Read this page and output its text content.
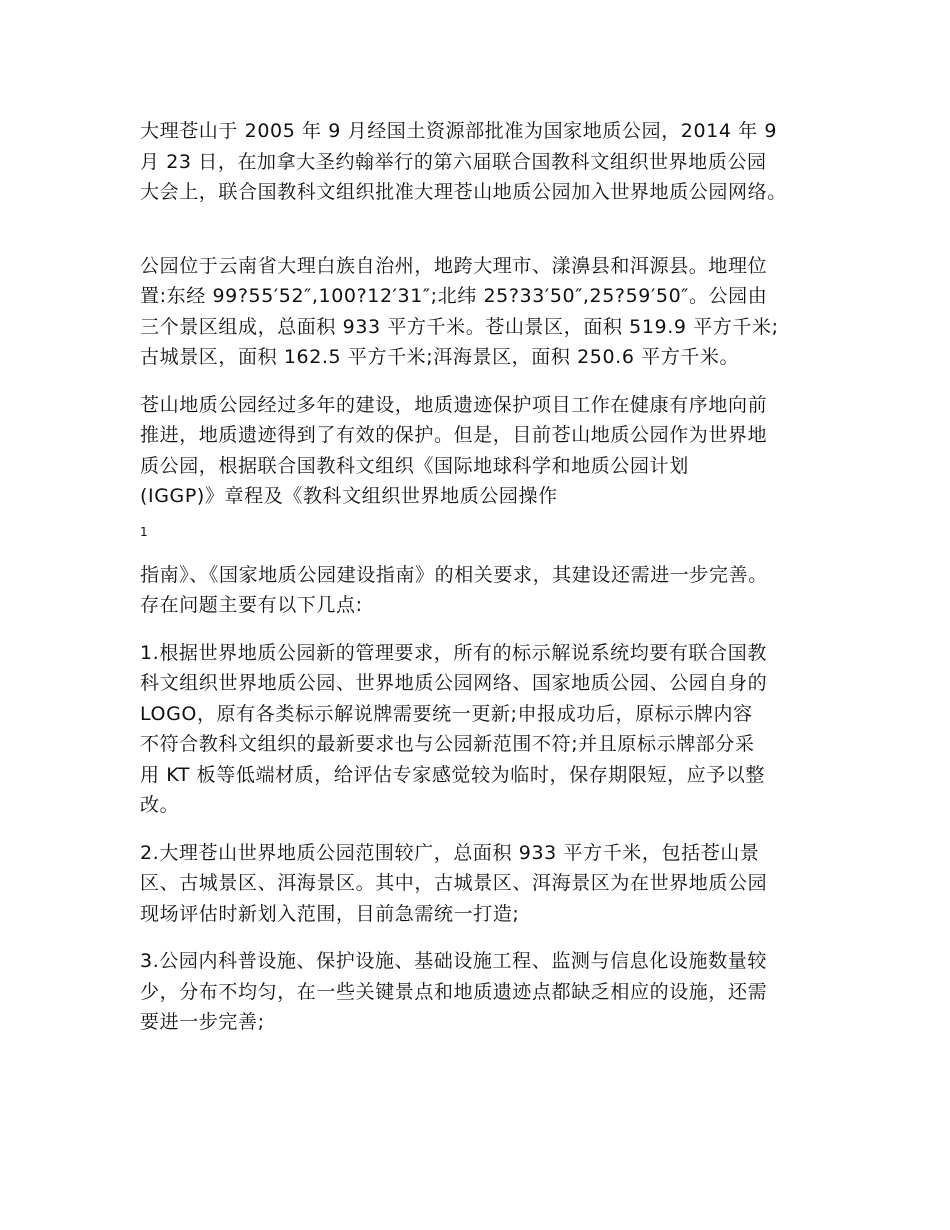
大理苍山于 2005 年 9 月经国土资源部批准为国家地质公园，2014 年 9
月 23 日，在加拿大圣约翰举行的第六届联合国教科文组织世界地质公园
大会上，联合国教科文组织批准大理苍山地质公园加入世界地质公园网络。

公园位于云南省大理白族自治州，地跨大理市、漾濞县和洱源县。地理位
置:东经 99?55′52″,100?12′31″;北纬 25?33′50″,25?59′50″。公园由
三个景区组成，总面积 933 平方千米。苍山景区，面积 519.9 平方千米;
古城景区，面积 162.5 平方千米;洱海景区，面积 250.6 平方千米。

苍山地质公园经过多年的建设，地质遗迹保护项目工作在健康有序地向前
推进，地质遗迹得到了有效的保护。但是，目前苍山地质公园作为世界地
质公园，根据联合国教科文组织《国际地球科学和地质公园计划
(IGGP)》章程及《教科文组织世界地质公园操作

1

指南》、《国家地质公园建设指南》的相关要求，其建设还需进一步完善。
存在问题主要有以下几点:

1.根据世界地质公园新的管理要求，所有的标示解说系统均要有联合国教
科文组织世界地质公园、世界地质公园网络、国家地质公园、公园自身的
LOGO，原有各类标示解说牌需要统一更新;申报成功后，原标示牌内容
不符合教科文组织的最新要求也与公园新范围不符;并且原标示牌部分采
用 KT 板等低端材质，给评估专家感觉较为临时，保存期限短，应予以整
改。

2.大理苍山世界地质公园范围较广，总面积 933 平方千米，包括苍山景
区、古城景区、洱海景区。其中，古城景区、洱海景区为在世界地质公园
现场评估时新划入范围，目前急需统一打造;

3.公园内科普设施、保护设施、基础设施工程、监测与信息化设施数量较
少，分布不均匀，在一些关键景点和地质遗迹点都缺乏相应的设施，还需
要进一步完善;
